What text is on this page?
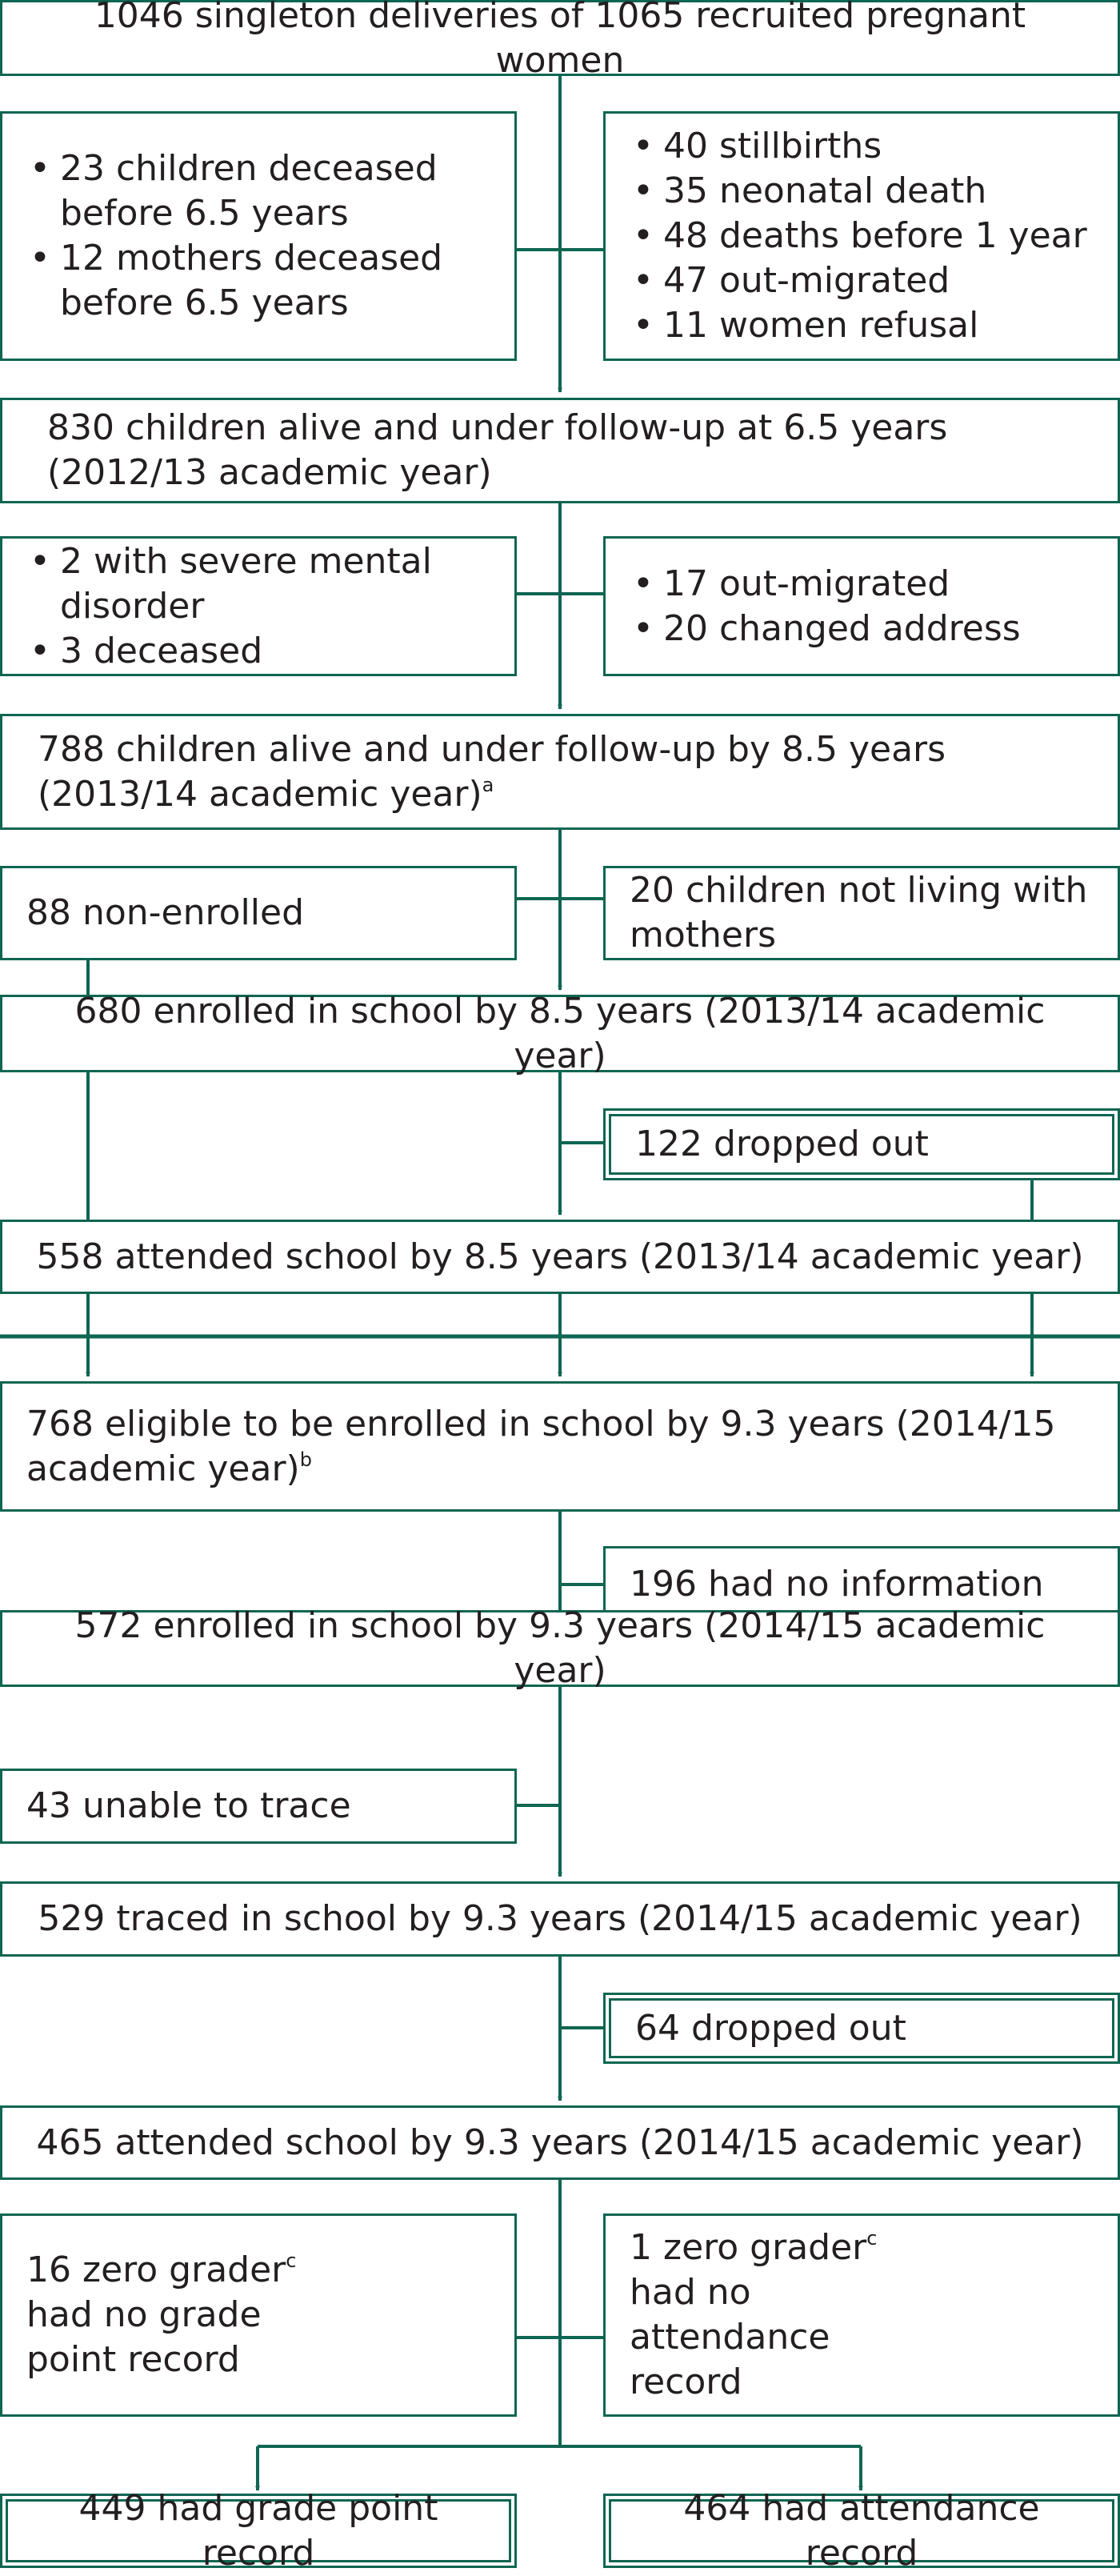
1046 singleton deliveries of 1065 recruited pregnant women
• 23 children deceased before 6.5 years
• 12 mothers deceased before 6.5 years
• 40 stillbirths
• 35 neonatal death
• 48 deaths before 1 year
• 47 out-migrated
• 11 women refusal
830 children alive and under follow-up at 6.5 years (2012/13 academic year)
• 2 with severe mental disorder
• 3 deceased
• 17 out-migrated
• 20 changed address
788 children alive and under follow-up by 8.5 years (2013/14 academic year)$^a$
88 non-enrolled
20 children not living with mothers
680 enrolled in school by 8.5 years (2013/14 academic year)
122 dropped out
558 attended school by 8.5 years (2013/14 academic year)
768 eligible to be enrolled in school by 9.3 years (2014/15 academic year)$^b$
196 had no information
572 enrolled in school by 9.3 years (2014/15 academic year)
43 unable to trace
529 traced in school by 9.3 years (2014/15 academic year)
64 dropped out
465 attended school by 9.3 years (2014/15 academic year)
16 zero grader$^c$ had no grade point record
1 zero grader$^c$ had no attendance record
449 had grade point record
464 had attendance record
